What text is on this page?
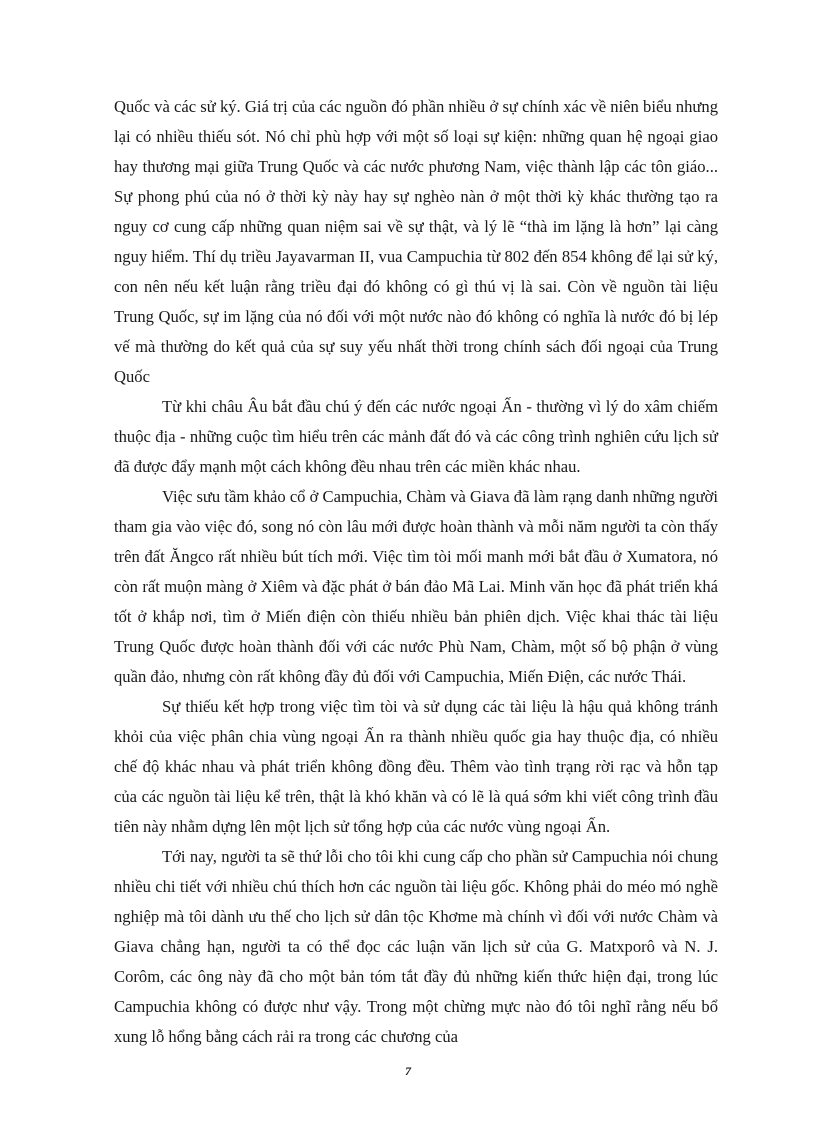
Quốc và các sử ký. Giá trị của các nguồn đó phần nhiều ở sự chính xác về niên biểu nhưng lại có nhiều thiếu sót. Nó chỉ phù hợp với một số loại sự kiện: những quan hệ ngoại giao hay thương mại giữa Trung Quốc và các nước phương Nam, việc thành lập các tôn giáo... Sự phong phú của nó ở thời kỳ này hay sự nghèo nàn ở một thời kỳ khác thường tạo ra nguy cơ cung cấp những quan niệm sai về sự thật, và lý lẽ “thà im lặng là hơn” lại càng nguy hiểm. Thí dụ triều Jayavarman II, vua Campuchia từ 802 đến 854 không để lại sử ký, con nên nếu kết luận rằng triều đại đó không có gì thú vị là sai. Còn về nguồn tài liệu Trung Quốc, sự im lặng của nó đối với một nước nào đó không có nghĩa là nước đó bị lép vế mà thường do kết quả của sự suy yếu nhất thời trong chính sách đối ngoại của Trung Quốc

Từ khi châu Âu bắt đầu chú ý đến các nước ngoại Ấn - thường vì lý do xâm chiếm thuộc địa - những cuộc tìm hiểu trên các mảnh đất đó và các công trình nghiên cứu lịch sử đã được đẩy mạnh một cách không đều nhau trên các miền khác nhau.

Việc sưu tầm khảo cổ ở Campuchia, Chàm và Giava đã làm rạng danh những người tham gia vào việc đó, song nó còn lâu mới được hoàn thành và mỗi năm người ta còn thấy trên đất Ăngco rất nhiều bút tích mới. Việc tìm tòi mối manh mới bắt đầu ở Xumatora, nó còn rất muộn màng ở Xiêm và đặc phát ở bán đảo Mã Lai. Minh văn học đã phát triển khá tốt ở khắp nơi, tìm ở Miến điện còn thiếu nhiều bản phiên dịch. Việc khai thác tài liệu Trung Quốc được hoàn thành đối với các nước Phù Nam, Chàm, một số bộ phận ở vùng quần đảo, nhưng còn rất không đầy đủ đối với Campuchia, Miến Điện, các nước Thái.

Sự thiếu kết hợp trong việc tìm tòi và sử dụng các tài liệu là hậu quả không tránh khỏi của việc phân chia vùng ngoại Ấn ra thành nhiều quốc gia hay thuộc địa, có nhiều chế độ khác nhau và phát triển không đồng đều. Thêm vào tình trạng rời rạc và hỗn tạp của các nguồn tài liệu kể trên, thật là khó khăn và có lẽ là quá sớm khi viết công trình đầu tiên này nhằm dựng lên một lịch sử tổng hợp của các nước vùng ngoại Ấn.

Tới nay, người ta sẽ thứ lỗi cho tôi khi cung cấp cho phần sử Campuchia nói chung nhiều chi tiết với nhiều chú thích hơn các nguồn tài liệu gốc. Không phải do méo mó nghề nghiệp mà tôi dành ưu thế cho lịch sử dân tộc Khơme mà chính vì đối với nước Chàm và Giava chẳng hạn, người ta có thể đọc các luận văn lịch sử của G. Matxporô và N. J. Corôm, các ông này đã cho một bản tóm tắt đầy đủ những kiến thức hiện đại, trong lúc Campuchia không có được như vậy. Trong một chừng mực nào đó tôi nghĩ rằng nếu bổ xung lỗ hổng bằng cách rải ra trong các chương của

7
